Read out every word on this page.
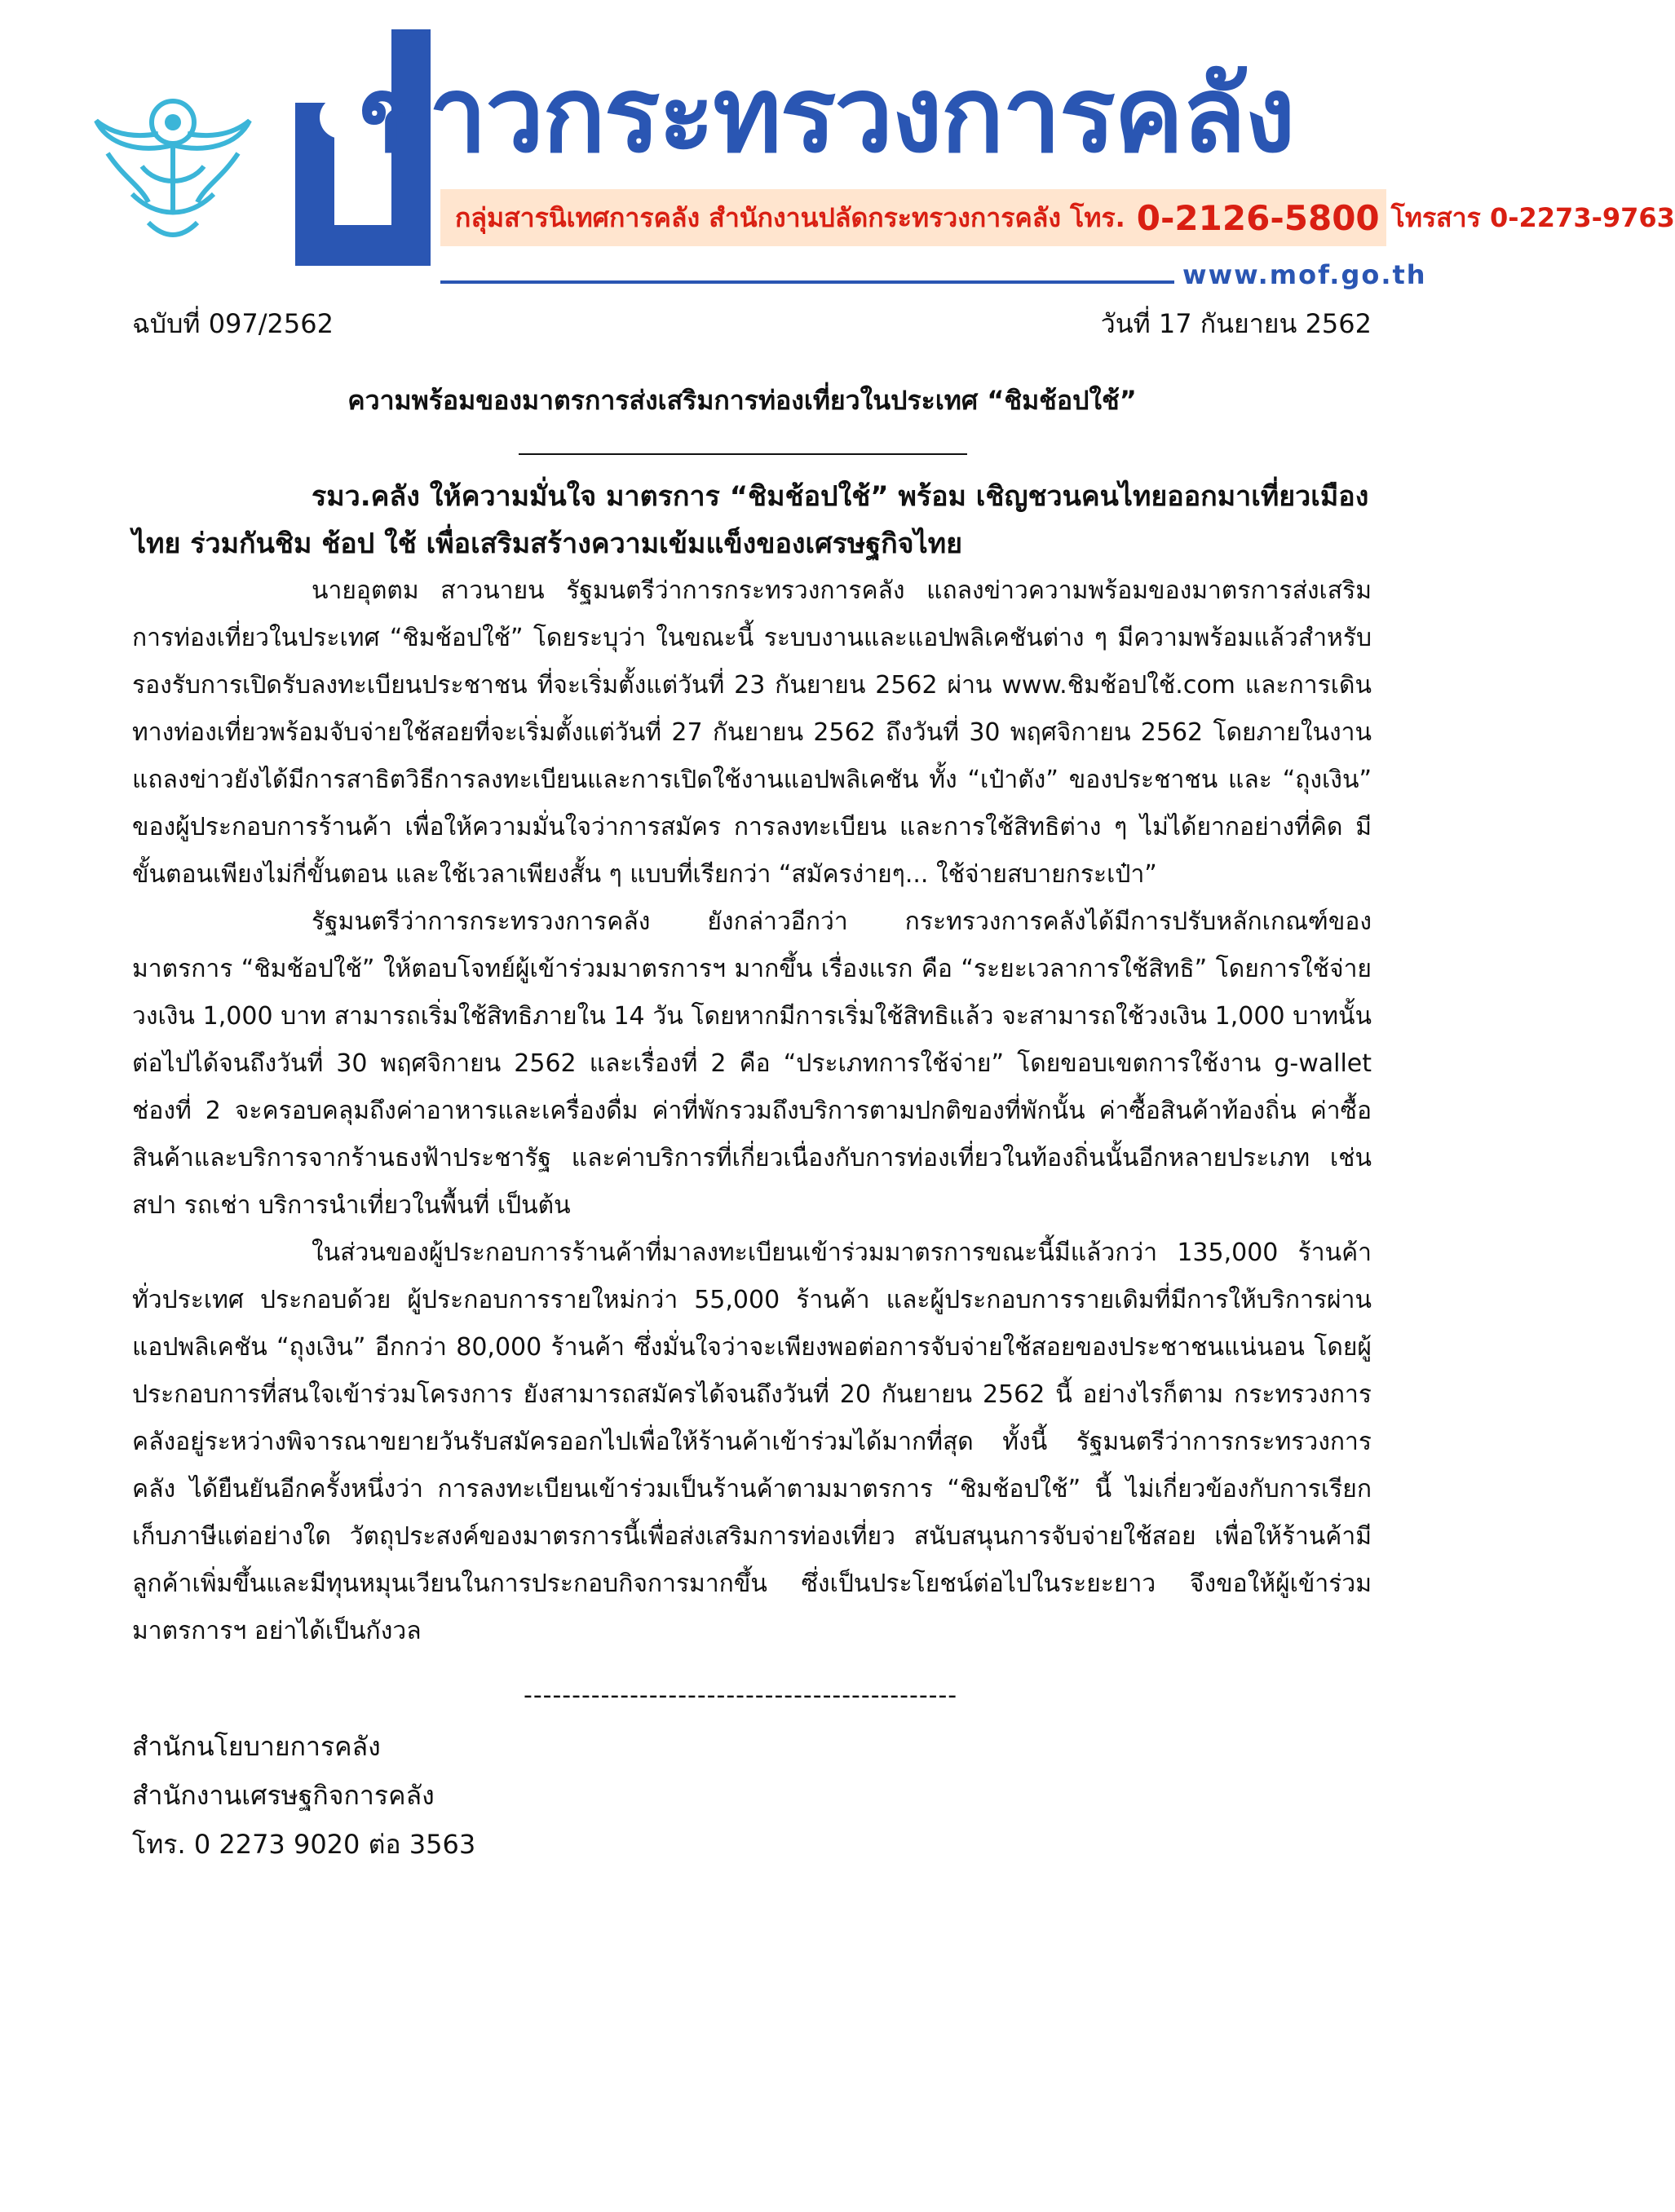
ข่าวกระทรวงการคลัง
กลุ่มสารนิเทศการคลัง สำนักงานปลัดกระทรวงการคลัง โทร. 0-2126-5800 โทรสาร 0-2273-9763
www.mof.go.th
ฉบับที่ 097/2562	วันที่ 17 กันยายน 2562
ความพร้อมของมาตรการส่งเสริมการท่องเที่ยวในประเทศ “ชิมช้อปใช้”
รมว.คลัง ให้ความมั่นใจ มาตรการ “ชิมช้อปใช้” พร้อม เชิญชวนคนไทยออกมาเที่ยวเมืองไทย ร่วมกันชิม ช้อป ใช้ เพื่อเสริมสร้างความเข้มแข็งของเศรษฐกิจไทย

นายอุตตม สาวนายน รัฐมนตรีว่าการกระทรวงการคลัง แถลงข่าวความพร้อมของมาตรการส่งเสริมการท่องเที่ยวในประเทศ “ชิมช้อปใช้” โดยระบุว่า ในขณะนี้ ระบบงานและแอปพลิเคชันต่าง ๆ มีความพร้อมแล้วสำหรับรองรับการเปิดรับลงทะเบียนประชาชน ที่จะเริ่มตั้งแต่วันที่ 23 กันยายน 2562 ผ่าน www.ชิมช้อปใช้.com และการเดินทางท่องเที่ยวพร้อมจับจ่ายใช้สอยที่จะเริ่มตั้งแต่วันที่ 27 กันยายน 2562 ถึงวันที่ 30 พฤศจิกายน 2562 โดยภายในงานแถลงข่าวยังได้มีการสาธิตวิธีการลงทะเบียนและการเปิดใช้งานแอปพลิเคชัน ทั้ง “เป๋าตัง” ของประชาชน และ “ถุงเงิน” ของผู้ประกอบการร้านค้า เพื่อให้ความมั่นใจว่าการสมัคร การลงทะเบียน และการใช้สิทธิต่าง ๆ ไม่ได้ยากอย่างที่คิด มีขั้นตอนเพียงไม่กี่ขั้นตอน และใช้เวลาเพียงสั้น ๆ แบบที่เรียกว่า “สมัครง่ายๆ... ใช้จ่ายสบายกระเป๋า”

รัฐมนตรีว่าการกระทรวงการคลัง ยังกล่าวอีกว่า กระทรวงการคลังได้มีการปรับหลักเกณฑ์ของมาตรการ “ชิมช้อปใช้” ให้ตอบโจทย์ผู้เข้าร่วมมาตรการฯ มากขึ้น เรื่องแรก คือ “ระยะเวลาการใช้สิทธิ” โดยการใช้จ่ายวงเงิน 1,000 บาท สามารถเริ่มใช้สิทธิภายใน 14 วัน โดยหากมีการเริ่มใช้สิทธิแล้ว จะสามารถใช้วงเงิน 1,000 บาทนั้น ต่อไปได้จนถึงวันที่ 30 พฤศจิกายน 2562 และเรื่องที่ 2 คือ “ประเภทการใช้จ่าย” โดยขอบเขตการใช้งาน g-wallet ช่องที่ 2 จะครอบคลุมถึงค่าอาหารและเครื่องดื่ม ค่าที่พักรวมถึงบริการตามปกติของที่พักนั้น ค่าซื้อสินค้าท้องถิ่น ค่าซื้อสินค้าและบริการจากร้านธงฟ้าประชารัฐ และค่าบริการที่เกี่ยวเนื่องกับการท่องเที่ยวในท้องถิ่นนั้นอีกหลายประเภท เช่น สปา รถเช่า บริการนำเที่ยวในพื้นที่ เป็นต้น

ในส่วนของผู้ประกอบการร้านค้าที่มาลงทะเบียนเข้าร่วมมาตรการขณะนี้มีแล้วกว่า 135,000 ร้านค้าทั่วประเทศ ประกอบด้วย ผู้ประกอบการรายใหม่กว่า 55,000 ร้านค้า และผู้ประกอบการรายเดิมที่มีการให้บริการผ่านแอปพลิเคชัน “ถุงเงิน” อีกกว่า 80,000 ร้านค้า ซึ่งมั่นใจว่าจะเพียงพอต่อการจับจ่ายใช้สอยของประชาชนแน่นอน โดยผู้ประกอบการที่สนใจเข้าร่วมโครงการ ยังสามารถสมัครได้จนถึงวันที่ 20 กันยายน 2562 นี้ อย่างไรก็ตาม กระทรวงการคลังอยู่ระหว่างพิจารณาขยายวันรับสมัครออกไปเพื่อให้ร้านค้าเข้าร่วมได้มากที่สุด ทั้งนี้ รัฐมนตรีว่าการกระทรวงการคลัง ได้ยืนยันอีกครั้งหนึ่งว่า การลงทะเบียนเข้าร่วมเป็นร้านค้าตามมาตรการ “ชิมช้อปใช้” นี้ ไม่เกี่ยวข้องกับการเรียกเก็บภาษีแต่อย่างใด วัตถุประสงค์ของมาตรการนี้เพื่อส่งเสริมการท่องเที่ยว สนับสนุนการจับจ่ายใช้สอย เพื่อให้ร้านค้ามีลูกค้าเพิ่มขึ้นและมีทุนหมุนเวียนในการประกอบกิจการมากขึ้น ซึ่งเป็นประโยชน์ต่อไปในระยะยาว จึงขอให้ผู้เข้าร่วมมาตรการฯ อย่าได้เป็นกังวล

---------------------------------------------
สำนักนโยบายการคลัง
สำนักงานเศรษฐกิจการคลัง
โทร. 0 2273 9020 ต่อ 3563
